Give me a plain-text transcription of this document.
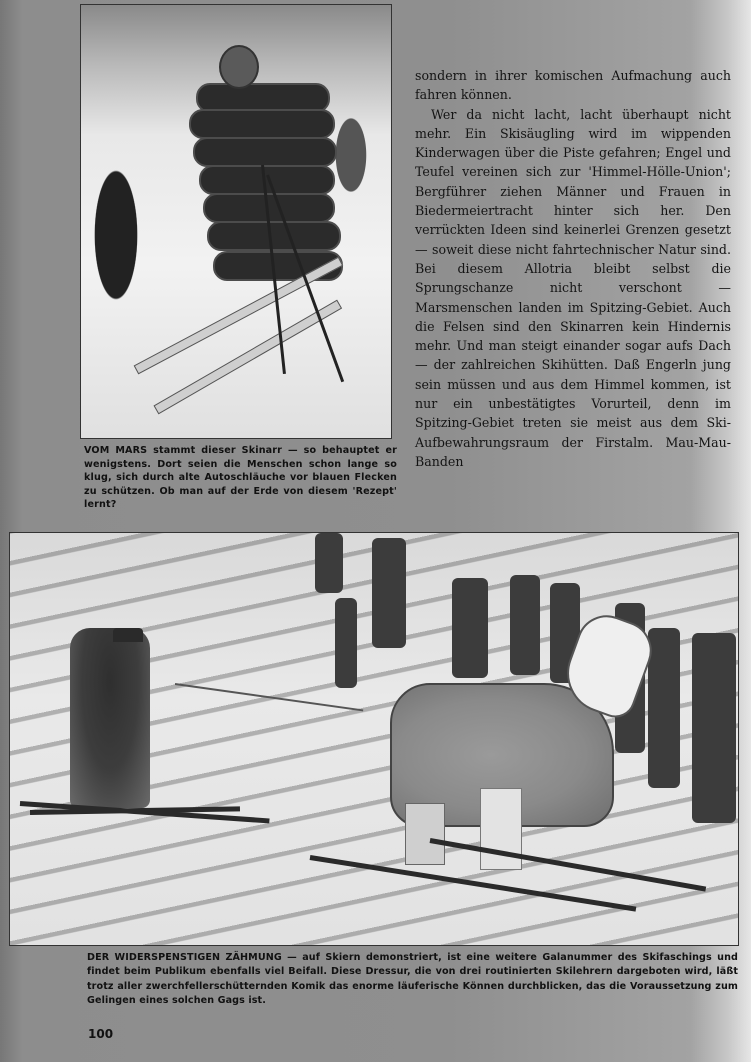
VOM MARS stammt dieser Skinarr — so behauptet er wenigstens. Dort seien die Menschen schon lange so klug, sich durch alte Autoschläuche vor blauen Flecken zu schützen. Ob man auf der Erde von diesem 'Rezept' lernt?

sondern in ihrer komischen Aufmachung auch fahren können.

Wer da nicht lacht, lacht überhaupt nicht mehr. Ein Skisäugling wird im wippenden Kinderwagen über die Piste gefahren; Engel und Teufel vereinen sich zur 'Himmel-Hölle-Union'; Bergführer ziehen Männer und Frauen in Biedermeiertracht hinter sich her. Den verrückten Ideen sind keinerlei Grenzen gesetzt — soweit diese nicht fahrtechnischer Natur sind. Bei diesem Allotria bleibt selbst die Sprungschanze nicht verschont — Marsmenschen landen im Spitzing-Gebiet. Auch die Felsen sind den Skinarren kein Hindernis mehr. Und man steigt einander sogar aufs Dach — der zahlreichen Skihütten. Daß Engerln jung sein müssen und aus dem Himmel kommen, ist nur ein unbestätigtes Vorurteil, denn im Spitzing-Gebiet treten sie meist aus dem Ski-Aufbewahrungsraum der Firstalm. Mau-Mau-Banden

DER WIDERSPENSTIGEN ZÄHMUNG — auf Skiern demonstriert, ist eine weitere Galanummer des Skifaschings und findet beim Publikum ebenfalls viel Beifall. Diese Dressur, die von drei routinierten Skilehrern dargeboten wird, läßt trotz aller zwerchfellerschütternden Komik das enorme läuferische Können durchblicken, das die Voraussetzung zum Gelingen eines solchen Gags ist.
100
